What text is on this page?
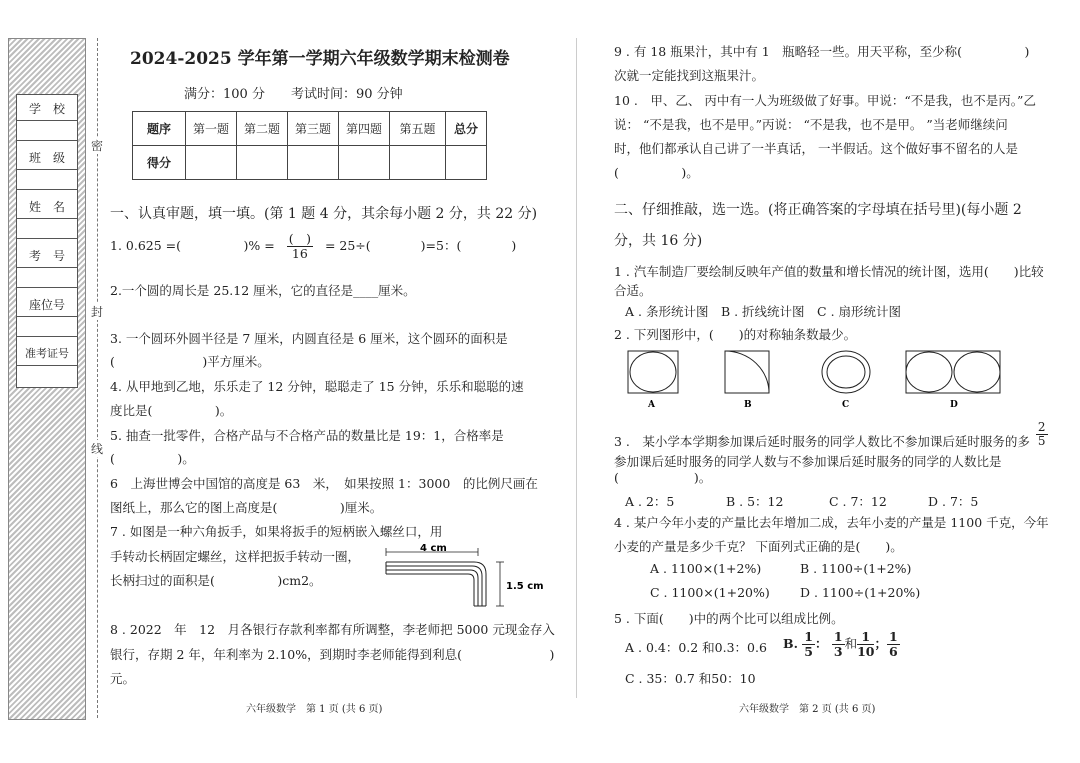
学　校
班　级
姓　名
考　号
座位号
准考证号
密
封
线
2024-2025 学年第一学期六年级数学期末检测卷
满分：100 分　　考试时间：90 分钟
题序	第一题	第二题	第三题	第四题	第五题	总分
得分						
一、认真审题，填一填。(第 1 题 4 分，其余每小题 2 分，共 22 分)
1. 0.625 =(　　　　　)% = $\frac{( )}{16} = 25\div$(　　　　)=5：(　　　　)
2.一个圆的周长是 25.12 厘米，它的直径是____厘米。
3. 一个圆环外圆半径是 7 厘米，内圆直径是 6 厘米，这个圆环的面积是
(　　　　　　　)平方厘米。
4. 从甲地到乙地，乐乐走了 12 分钟，聪聪走了 15 分钟，乐乐和聪聪的速
度比是(　　　　　)。
5. 抽查一批零件，合格产品与不合格产品的数量比是 19：1，合格率是
(　　　　　)。
6　上海世博会中国馆的高度是 63　米，　如果按照 1：3000　的比例尺画在
图纸上，那么它的图上高度是(　　　　　)厘米。
7 . 如图是一种六角扳手，如果将扳手的短柄嵌入螺丝口，用
手转动长柄固定螺丝，这样把扳手转动一圈，
长柄扫过的面积是(　　　　　)cm2。
4 cm
1.5 cm
8 . 2022　年　12　月各银行存款利率都有所调整，李老师把 5000 元现金存入
银行，存期 2 年，年利率为 2.10%，到期时李老师能得到利息(　　　　　　　)
元。
六年级数学　第 1 页 (共 6 页)
9 . 有 18 瓶果汁，其中有 1　瓶略轻一些。用天平称，至少称(　　　　　)
次就一定能找到这瓶果汁。
10 .　甲、乙、 丙中有一人为班级做了好事。甲说：“不是我，也不是丙。”乙
说： “不是我，也不是甲。”丙说： “不是我，也不是甲。 ”当老师继续问
时，他们都承认自己讲了一半真话， 一半假话。这个做好事不留名的人是
(　　　　　)。
二、仔细推敲，选一选。(将正确答案的字母填在括号里)(每小题 2
分，共 16 分)
1 . 汽车制造厂要绘制反映年产值的数量和增长情况的统计图，选用(　　)比较
合适。
A . 条形统计图　B . 折线统计图　C . 扇形统计图
2 . 下列图形中，(　　)的对称轴条数最少。
A	B	C	D
3 .　某小学本学期参加课后延时服务的同学人数比不参加课后延时服务的多 $\frac{2}{5}$
参加课后延时服务的同学人数与不参加课后延时服务的同学的人数比是
(　　　　　　)。
A . 2：5	B . 5：12	C . 7：12	D . 7：5
4 . 某户今年小麦的产量比去年增加二成，去年小麦的产量是 1100 千克，今年
小麦的产量是多少千克？ 下面列式正确的是(　　)。
A . 1100×(1+2%)	B . 1100÷(1+2%)
C . 1100×(1+20%) D . 1100÷(1+20%)
5 . 下面(　　)中的两个比可以组成比例。
A . 0.4：0.2 和0.3：0.6 B. $\frac{1}{5}$ ： $\frac{1}{3}$ 和 $\frac{1}{10}$ ； $\frac{1}{6}$
C . 35：0.7 和50：10
六年级数学　第 2 页 (共 6 页)
